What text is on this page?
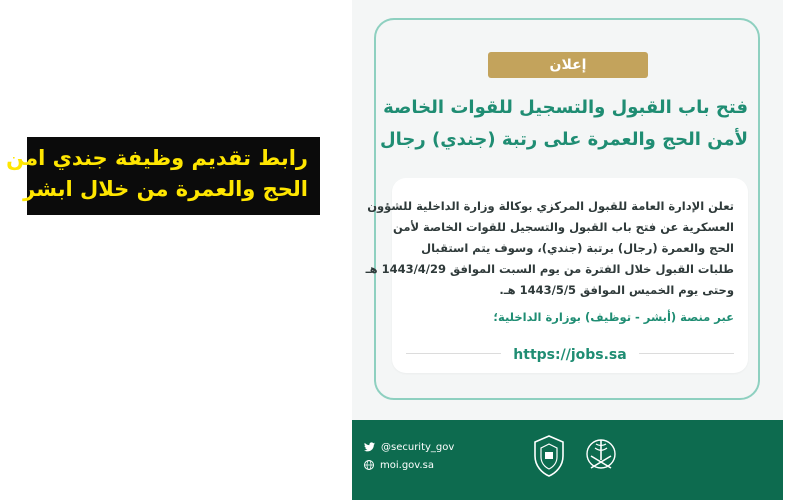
رابط تقديم وظيفة جندي امن
الحج والعمرة من خلال ابشر
إعلان
فتح باب القبول والتسجيل للقوات الخاصة
لأمن الحج والعمرة على رتبة (جندي) رجال
تعلن الإدارة العامة للقبول المركزي بوكالة وزارة الداخلية للشؤون
العسكرية عن فتح باب القبول والتسجيل للقوات الخاصة لأمن
الحج والعمرة (رجال) برتبة (جندي)، وسوف يتم استقبال
طلبات القبول خلال الفترة من يوم السبت الموافق 1443/4/29 هـ
وحتى يوم الخميس الموافق 1443/5/5 هـ.
عبر منصة (أبشر - توظيف) بوزارة الداخلية؛
https://jobs.sa
@security_gov
moi.gov.sa
